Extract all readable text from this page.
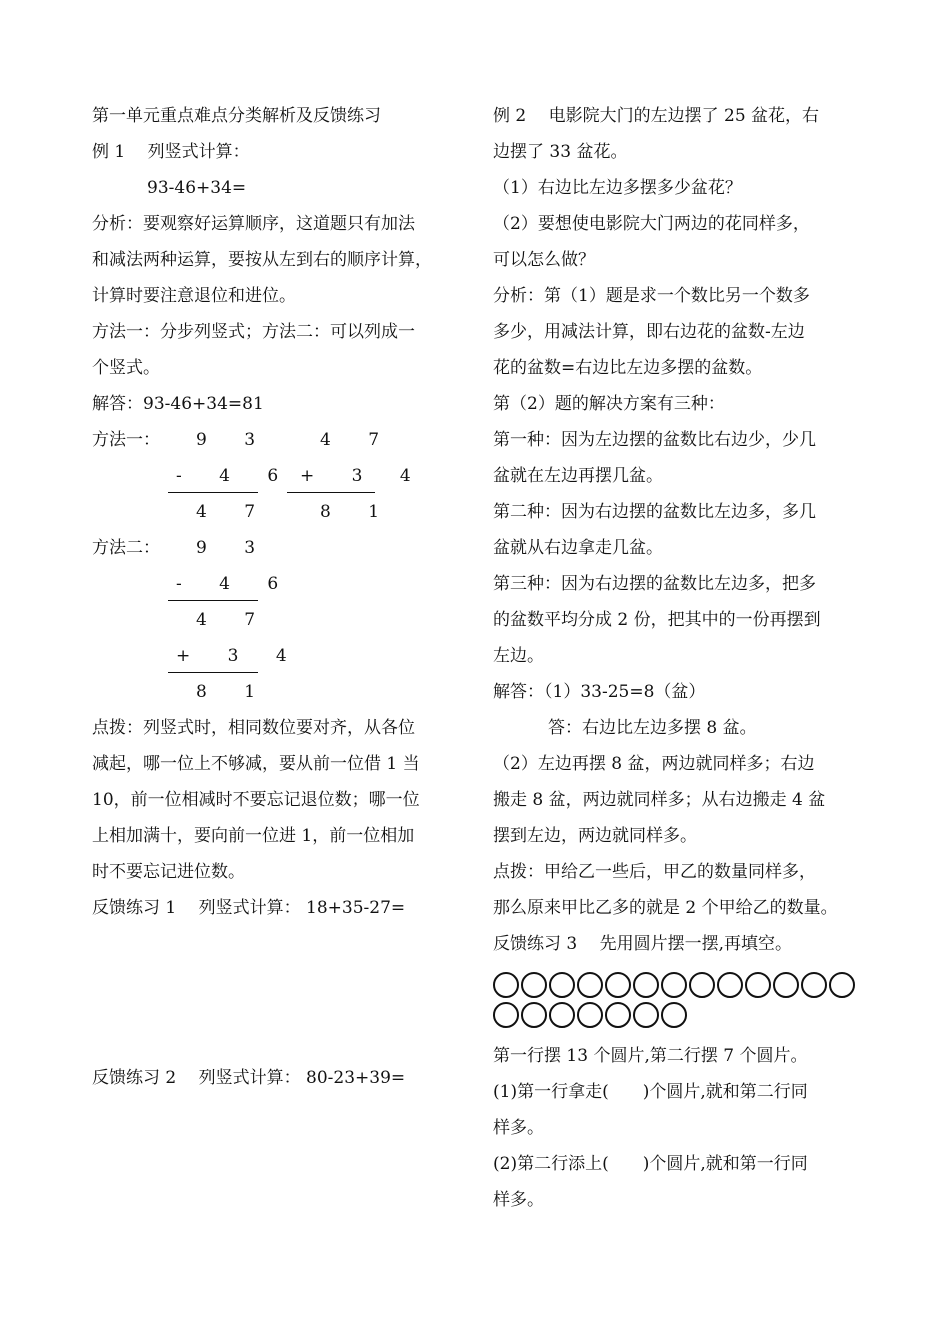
第一单元重点难点分类解析及反馈练习

例 1　 列竖式计算：

93-46+34=

分析：要观察好运算顺序，这道题只有加法

和减法两种运算，要按从左到右的顺序计算，

计算时要注意退位和进位。

方法一：分步列竖式；方法二：可以列成一

个竖式。

解答：93-46+34=81

方法一： 9 3	4 7
- 4 6 + 3 4
4 7	8 1
方法二： 9 3
- 4 6
4 7
+ 3 4
8 1

点拨：列竖式时，相同数位要对齐，从各位

减起，哪一位上不够减，要从前一位借 1 当

10，前一位相减时不要忘记退位数；哪一位

上相加满十，要向前一位进 1，前一位相加

时不要忘记进位数。

反馈练习 1　 列竖式计算： 18+35-27=

反馈练习 2　 列竖式计算： 80-23+39=

例 2　 电影院大门的左边摆了 25 盆花，右

边摆了 33 盆花。

（1）右边比左边多摆多少盆花？

（2）要想使电影院大门两边的花同样多，

可以怎么做？

分析：第（1）题是求一个数比另一个数多

多少，用减法计算，即右边花的盆数-左边

花的盆数=右边比左边多摆的盆数。

第（2）题的解决方案有三种：

第一种：因为左边摆的盆数比右边少，少几

盆就在左边再摆几盆。

第二种：因为右边摆的盆数比左边多，多几

盆就从右边拿走几盆。

第三种：因为右边摆的盆数比左边多，把多

的盆数平均分成 2 份，把其中的一份再摆到

左边。

解答：（1）33-25=8（盆）

答：右边比左边多摆 8 盆。

（2）左边再摆 8 盆，两边就同样多；右边

搬走 8 盆，两边就同样多；从右边搬走 4 盆

摆到左边，两边就同样多。

点拨：甲给乙一些后，甲乙的数量同样多，

那么原来甲比乙多的就是 2 个甲给乙的数量。

反馈练习 3　 先用圆片摆一摆,再填空。

第一行摆 13 个圆片,第二行摆 7 个圆片。

(1)第一行拿走(　　)个圆片,就和第二行同

样多。

(2)第二行添上(　　)个圆片,就和第一行同

样多。
